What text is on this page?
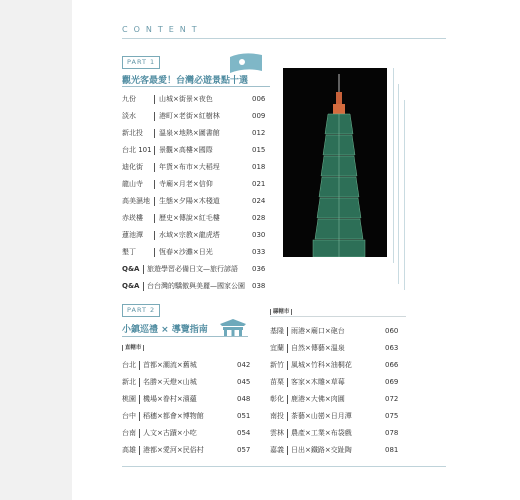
CONTENT
PART 1
觀光客最愛！台灣必遊景點十選
九份	山城×街景×夜色	006
淡水	港町×老街×紅樹林	009
新北投 溫泉×地熱×圖書館	012
台北 101 景觀×高樓×國際	015
迪化街 年貨×布市×大稻埕	018
龍山寺 寺廟×月老×信仰	021
高美濕地 生態×夕陽×木棧道	024
赤崁樓 歷史×傳說×紅毛樓	028
蓮池潭 水域×宗教×龍虎塔	030
墾丁	恆春×沙灘×日光	033
Q&A 旅遊學習必備日文—旅行諺語 036
Q&A 台台灣的驕傲與美麗—國家公園 038
PART 2
小鎮巡禮 × 導覽指南
直轄市
縣轄市
台北 首都×潮流×舊城	042
新北 名勝×天燈×山城	045
桃園 機場×眷村×濱蘊	048
台中 稻穗×都會×博物館	051
台南 人文×古蹟×小吃	054
高雄 港都×愛河×民俗村	057
基隆 雨港×廟口×砲台	060
宜蘭 自然×傳藝×溫泉	063
新竹 風城×竹科×油桐花	066
苗栗 客家×木雕×草莓	069
彰化 鹿港×大佛×肉圓	072
南投 茶藝×山巒×日月潭	075
雲林 農產×工業×布袋戲	078
嘉義 日出×鐵路×交趾陶	081
